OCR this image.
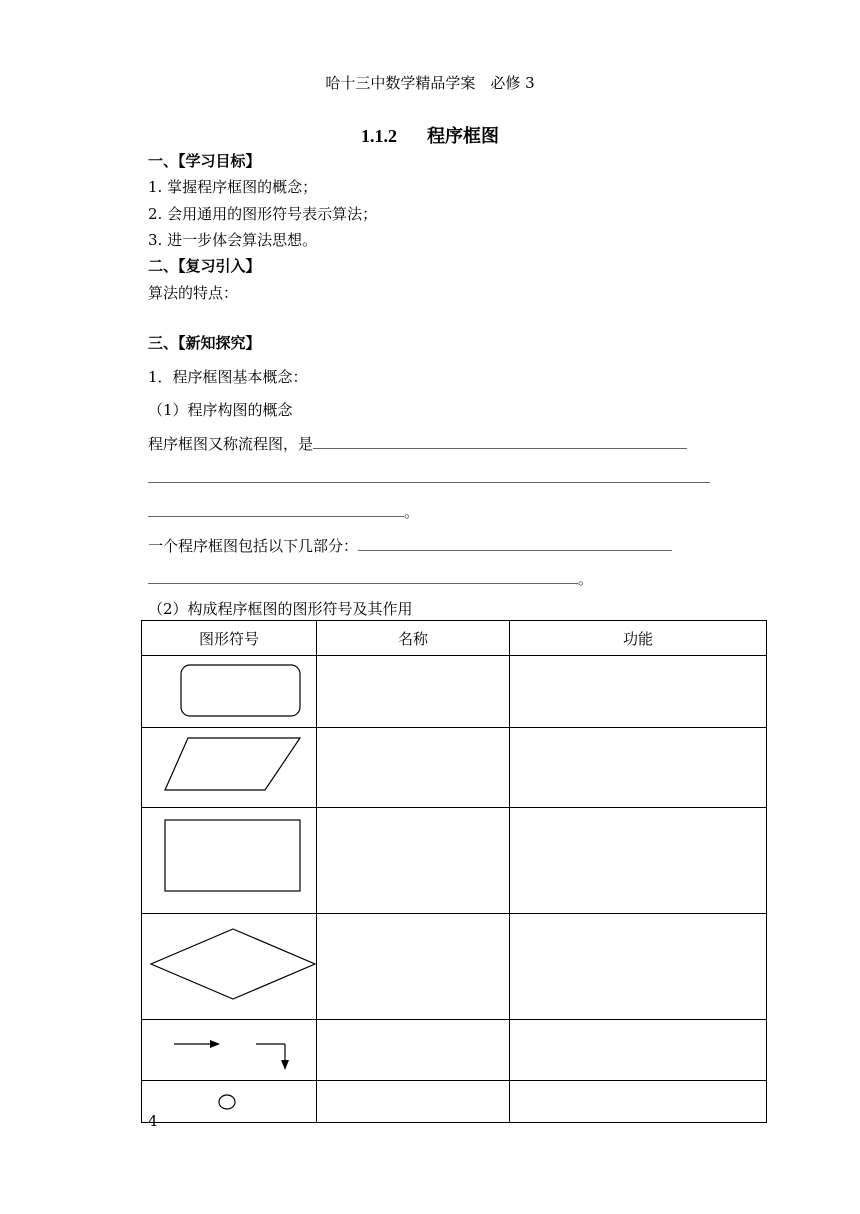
哈十三中数学精品学案　必修 3
1.1.2 程序框图
一、【学习目标】
1. 掌握程序框图的概念；
2. 会用通用的图形符号表示算法；
3. 进一步体会算法思想。
二、【复习引入】
算法的特点：
三、【新知探究】
1．程序框图基本概念：
（1）程序构图的概念
程序框图又称流程图，是
。
一个程序框图包括以下几部分：
。
（2）构成程序框图的图形符号及其作用
图形符号	名称	功能

4
